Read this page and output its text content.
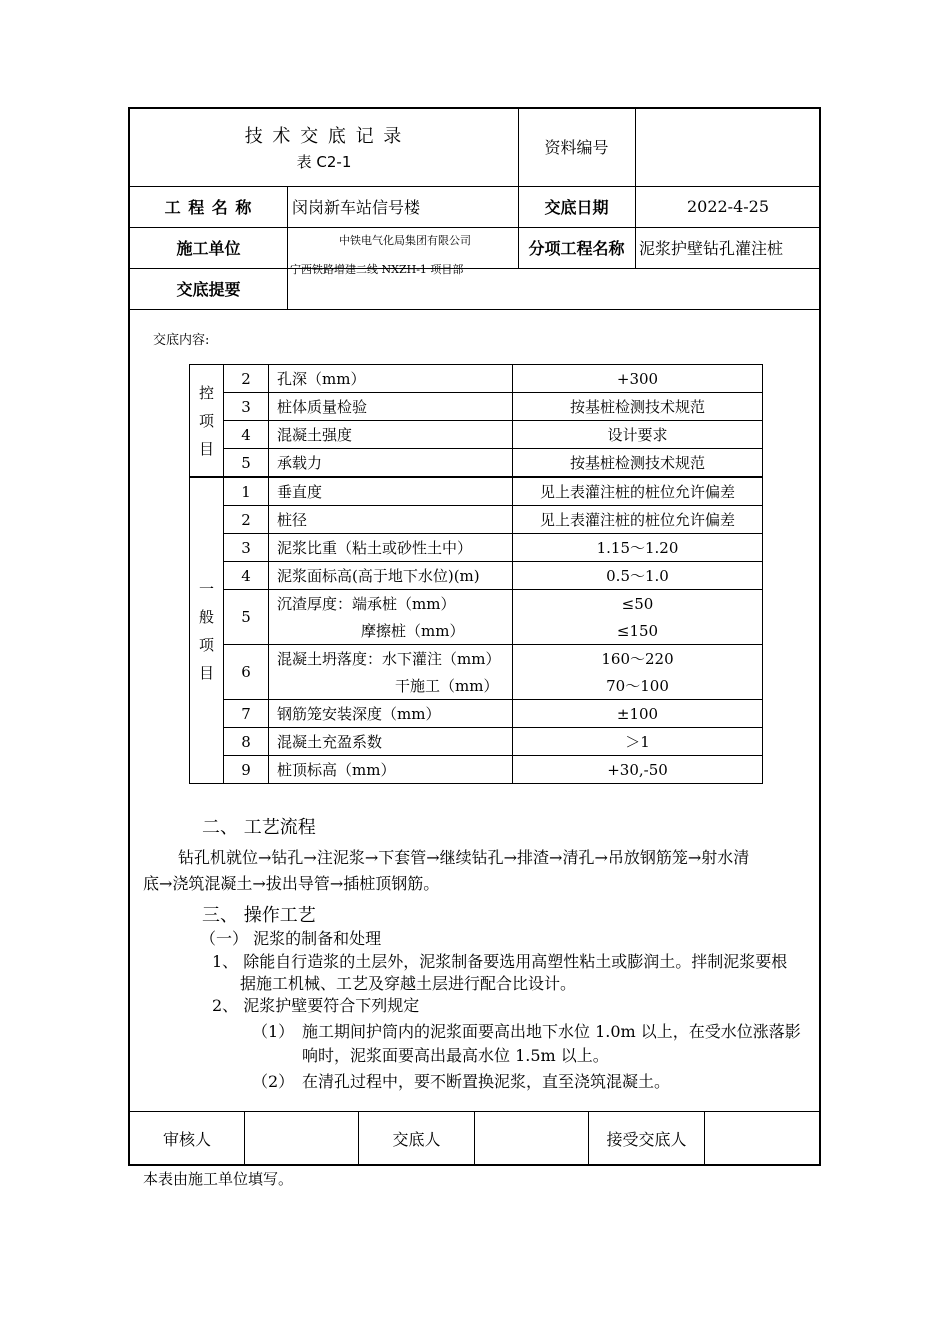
技 术 交 底 记 录
表 C2-1
资料编号
工 程 名 称	闵岗新车站信号楼	交底日期	2022-4-25
施工单位	中铁电气化局集团有限公司
宁西铁路增建二线 NXZH-1 项目部
分项工程名称 泥浆护壁钻孔灌注桩
交底提要
交底内容:
控
项
目	2	孔深（mm）	+300
	3	桩体质量检验	按基桩检测技术规范
	4	混凝土强度	设计要求
	5	承载力	按基桩检测技术规范

一
般
项
目	1	垂直度	见上表灌注桩的桩位允许偏差
	2	桩径	见上表灌注桩的桩位允许偏差
	3	泥浆比重（粘土或砂性土中）	1.15～1.20
	4	泥浆面标高(高于地下水位)(m)	0.5～1.0
	5	沉渣厚度：端承桩（mm）	≤50
		摩擦桩（mm）	≤150
	6	混凝土坍落度：水下灌注（mm）	160～220
		干施工（mm）	70～100
	7	钢筋笼安装深度（mm）	±100
	8	混凝土充盈系数	＞1
	9	桩顶标高（mm）	+30,-50
二、 工艺流程
钻孔机就位→钻孔→注泥浆→下套管→继续钻孔→排渣→清孔→吊放钢筋笼→射水清
底→浇筑混凝土→拔出导管→插桩顶钢筋。
三、 操作工艺
（一） 泥浆的制备和处理
1、 除能自行造浆的土层外，泥浆制备要选用高塑性粘土或膨润土。拌制泥浆要根
据施工机械、工艺及穿越土层进行配合比设计。
2、 泥浆护壁要符合下列规定
（1） 施工期间护筒内的泥浆面要高出地下水位 1.0m 以上，在受水位涨落影
响时，泥浆面要高出最高水位 1.5m 以上。
（2） 在清孔过程中，要不断置换泥浆，直至浇筑混凝土。
审核人	交底人	接受交底人
本表由施工单位填写。
